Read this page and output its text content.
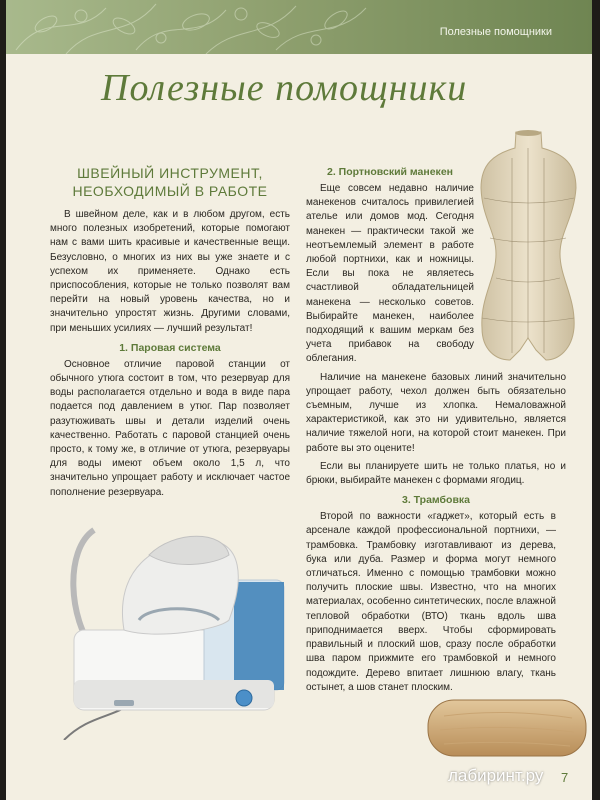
Полезные помощники
Полезные помощники
ШВЕЙНЫЙ ИНСТРУМЕНТ,
НЕОБХОДИМЫЙ В РАБОТЕ

В швейном деле, как и в любом другом, есть много полезных изобретений, которые помогают нам с вами шить красивые и качественные вещи. Безусловно, о многих из них вы уже знаете и с успехом их применяете. Однако есть приспособления, которые не только позволят вам перейти на новый уровень качества, но и значительно упростят жизнь. Другими словами, при меньших усилиях — лучший результат!

1. Паровая система

Основное отличие паровой станции от обычного утюга состоит в том, что резервуар для воды располагается отдельно и вода в виде пара подается под давлением в утюг. Пар позволяет разутюживать швы и детали изделий очень качественно. Работать с паровой станцией очень просто, к тому же, в отличие от утюга, резервуары для воды имеют объем около 1,5 л, что значительно упрощает работу и исключает частое пополнение резервуара.

2. Портновский манекен

Еще совсем недавно наличие манекенов считалось привилегией ателье или домов мод. Сегодня манекен — практически такой же неотъемлемый элемент в работе любой портнихи, как и ножницы. Если вы пока не являетесь счастливой обладательницей манекена — несколько советов. Выбирайте манекен, наиболее подходящий к вашим меркам без учета прибавок на свободу облегания.

Наличие на манекене базовых линий значительно упрощает работу, чехол должен быть обязательно съемным, лучше из хлопка. Немаловажной характеристикой, как это ни удивительно, является наличие тяжелой ноги, на которой стоит манекен. При работе вы это оцените!

Если вы планируете шить не только платья, но и брюки, выбирайте манекен с формами ягодиц.

3. Трамбовка

Второй по важности «гаджет», который есть в арсенале каждой профессиональной портнихи, — трамбовка. Трамбовку изготавливают из дерева, бука или дуба. Размер и форма могут немного отличаться. Именно с помощью трамбовки можно получить плоские швы. Известно, что на многих материалах, особенно синтетических, после влажной тепловой обработки (ВТО) ткань вдоль шва приподнимается вверх. Чтобы сформировать правильный и плоский шов, сразу после обработки шва паром прижмите его трамбовкой и немного подождите. Дерево впитает лишнюю влагу, ткань остынет, а шов станет плоским.

7
лабиринт.ру
